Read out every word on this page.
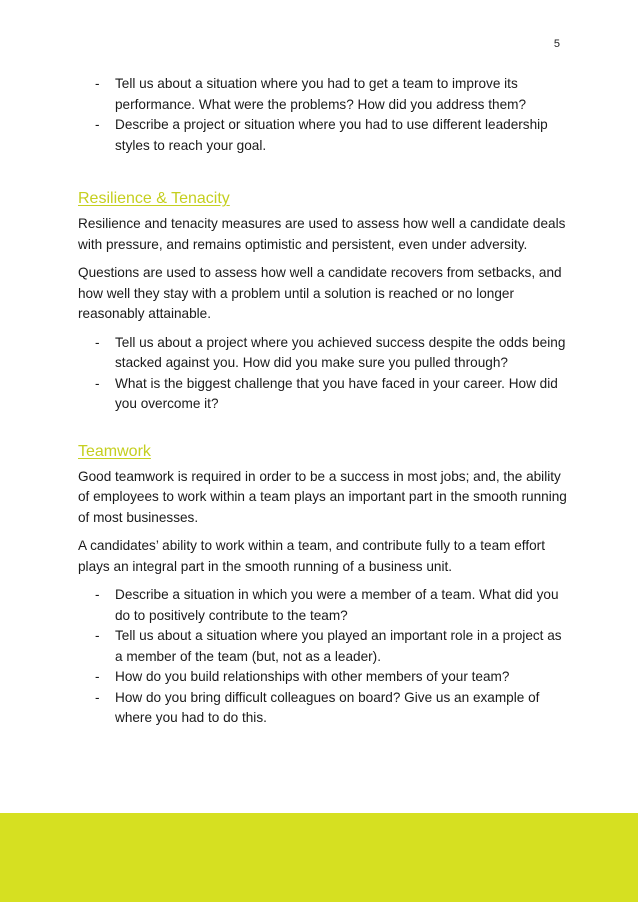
5
- Tell us about a situation where you had to get a team to improve its performance. What were the problems? How did you address them?
- Describe a project or situation where you had to use different leadership styles to reach your goal.
Resilience & Tenacity

Resilience and tenacity measures are used to assess how well a candidate deals with pressure, and remains optimistic and persistent, even under adversity.

Questions are used to assess how well a candidate recovers from setbacks, and how well they stay with a problem until a solution is reached or no longer reasonably attainable.

- Tell us about a project where you achieved success despite the odds being stacked against you. How did you make sure you pulled through?
- What is the biggest challenge that you have faced in your career. How did you overcome it?
Teamwork

Good teamwork is required in order to be a success in most jobs; and, the ability of employees to work within a team plays an important part in the smooth running of most businesses.

A candidates’ ability to work within a team, and contribute fully to a team effort plays an integral part in the smooth running of a business unit.

- Describe a situation in which you were a member of a team. What did you do to positively contribute to the team?
- Tell us about a situation where you played an important role in a project as a member of the team (but, not as a leader).
- How do you build relationships with other members of your team?
- How do you bring difficult colleagues on board? Give us an example of where you had to do this.
